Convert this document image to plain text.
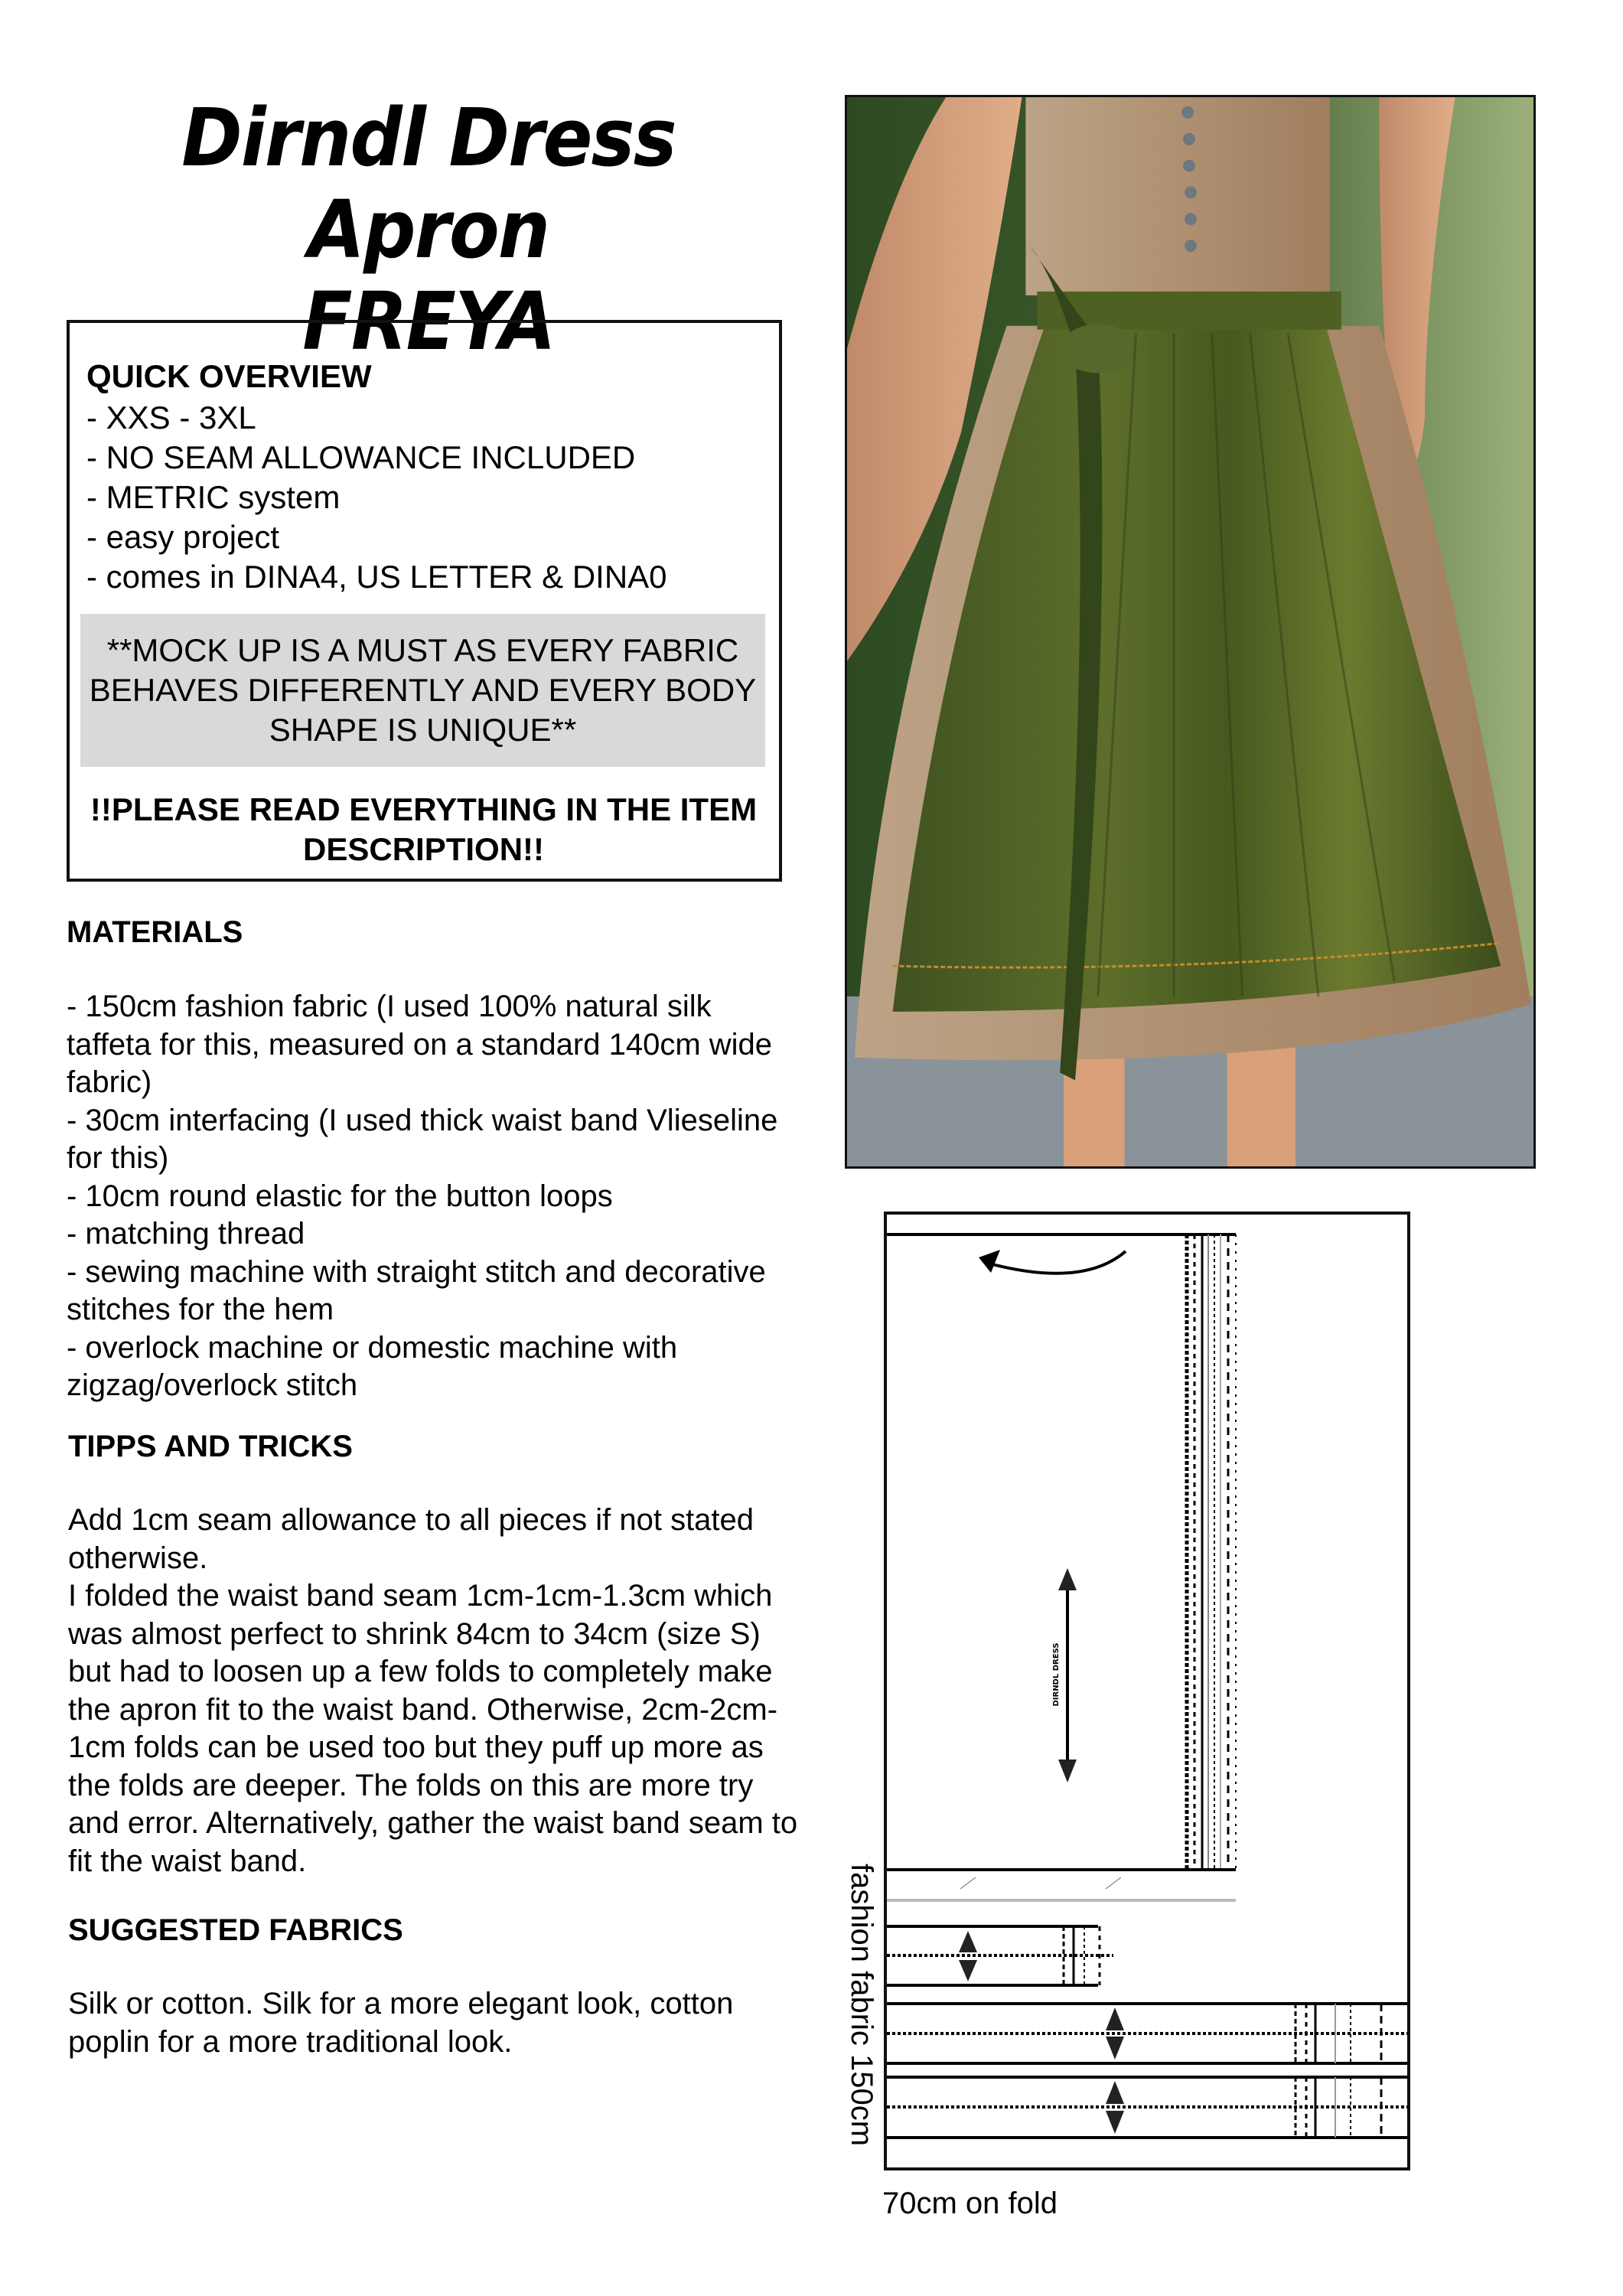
Dirndl Dress Apron
FREYA
QUICK OVERVIEW
- XXS - 3XL
- NO SEAM ALLOWANCE INCLUDED
- METRIC system
- easy project
- comes in DINA4, US LETTER & DINA0
**MOCK UP IS A MUST AS EVERY FABRIC BEHAVES DIFFERENTLY AND EVERY BODY SHAPE IS UNIQUE**
!!PLEASE READ EVERYTHING IN THE ITEM DESCRIPTION!!
MATERIALS

- 150cm fashion fabric (I used 100% natural silk taffeta for this, measured on a standard 140cm wide fabric)

- 30cm interfacing (I used thick waist band Vlieseline for this)

- 10cm round elastic for the button loops

- matching thread

- sewing machine with straight stitch and decorative stitches for the hem

- overlock machine or domestic machine with zigzag/overlock stitch

TIPPS AND TRICKS

Add 1cm seam allowance to all pieces if not stated otherwise.

I folded the waist band seam 1cm-1cm-1.3cm which was almost perfect to shrink 84cm to 34cm (size S) but had to loosen up a few folds to completely make the apron fit to the waist band. Otherwise, 2cm-2cm-1cm folds can be used too but they puff up more as the folds are deeper. The folds on this are more try and error. Alternatively, gather the waist band seam to fit the waist band.

SUGGESTED FABRICS
Silk or cotton. Silk for a more elegant look, cotton poplin for a more traditional look.	fashion fabric 150cm
DIRNDL DRESS
70cm on fold
